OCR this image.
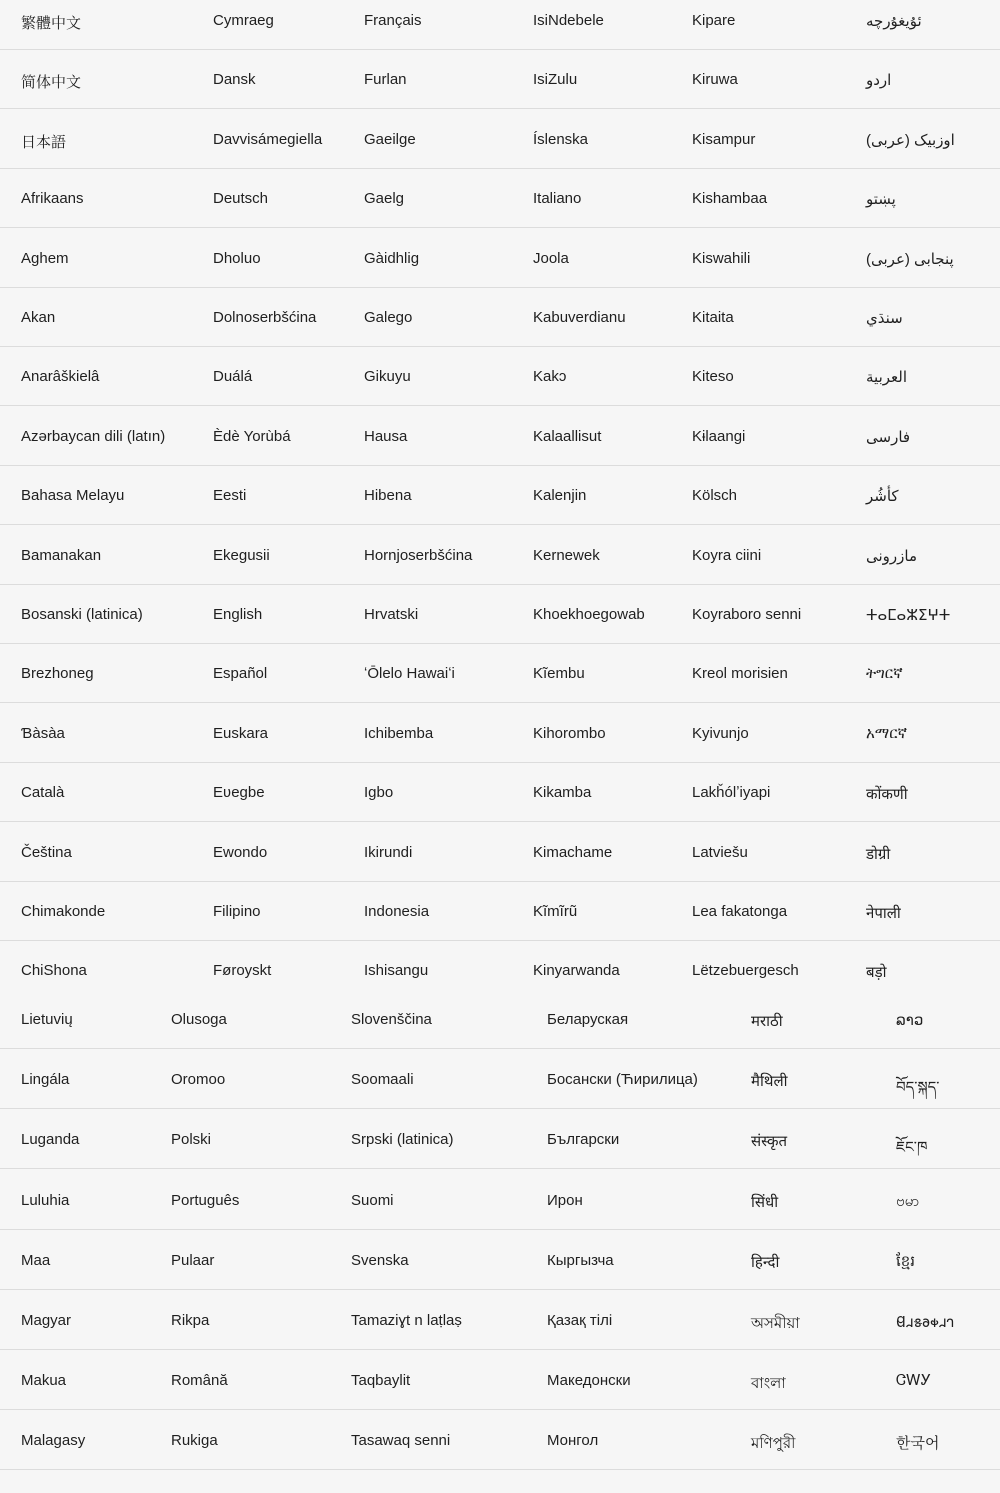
繁體中文	Cymraeg	Français	IsiNdebele	Kipare	ئۇيغۇرچە
简体中文	Dansk	Furlan	IsiZulu	Kiruwa	اردو
日本語	Davvisámegiella	Gaeilge	Íslenska	Kisampur	اوزبیک (عربی)
Afrikaans	Deutsch	Gaelg	Italiano	Kishambaa	پښتو
Aghem	Dholuo	Gàidhlig	Joola	Kiswahili	پنجابی (عربی)
Akan	Dolnoserbšćina	Galego	Kabuverdianu	Kitaita	سنڌي
Anarâškielâ	Duálá	Gikuyu	Kakɔ	Kiteso	العربية
Azərbaycan dili (latın)	Èdè Yorùbá	Hausa	Kalaallisut	Kɨlaangi	فارسی
Bahasa Melayu	Eesti	Hibena	Kalenjin	Kölsch	کأشُر
Bamanakan	Ekegusii	Hornjoserbšćina	Kernewek	Koyra ciini	مازرونی
Bosanski (latinica)	English	Hrvatski	Khoekhoegowab	Koyraboro senni	ⵜⴰⵎⴰⵣⵉⵖⵜ
Brezhoneg	Español	ʻŌlelo Hawaiʻi	Kĩembu	Kreol morisien	ትግርኛ
Ɓàsàa	Euskara	Ichibemba	Kihorombo	Kyivunjo	አማርኛ
Català	Eʋegbe	Igbo	Kikamba	Lakȟólʼiyapi	कोंकणी
Čeština	Ewondo	Ikirundi	Kimachame	Latviešu	डोग्री
Chimakonde	Filipino	Indonesia	Kĩmĩrũ	Lea fakatonga	नेपाली
ChiShona	Føroyskt	Ishisangu	Kinyarwanda	Lëtzebuergesch	बड़ो
Lietuvių	Olusoga	Slovenščina	Беларуская	मराठी	ລາວ
Lingála	Oromoo	Soomaali	Босански (Ћирилица)	मैथिली	བོད་སྐད་
Luganda	Polski	Srpski (latinica)	Български	संस्कृत	ཇོང་ཁ
Luluhia	Português	Suomi	Ирон	सिंधी	ဗမာ
Maa	Pulaar	Svenska	Кыргызча	हिन्दी	ខ្មែរ
Magyar	Rikpa	Tamaziɣt n laṭlaṣ	Қазақ тілі	অসমীয়া	𐐔𐐯𐑅𐐨𐑉𐐯𐐻
Makua	Română	Taqbaylit	Македонски	বাংলা	ᏣᎳᎩ
Malagasy	Rukiga	Tasawaq senni	Монгол	মণিপুরী	한국어
